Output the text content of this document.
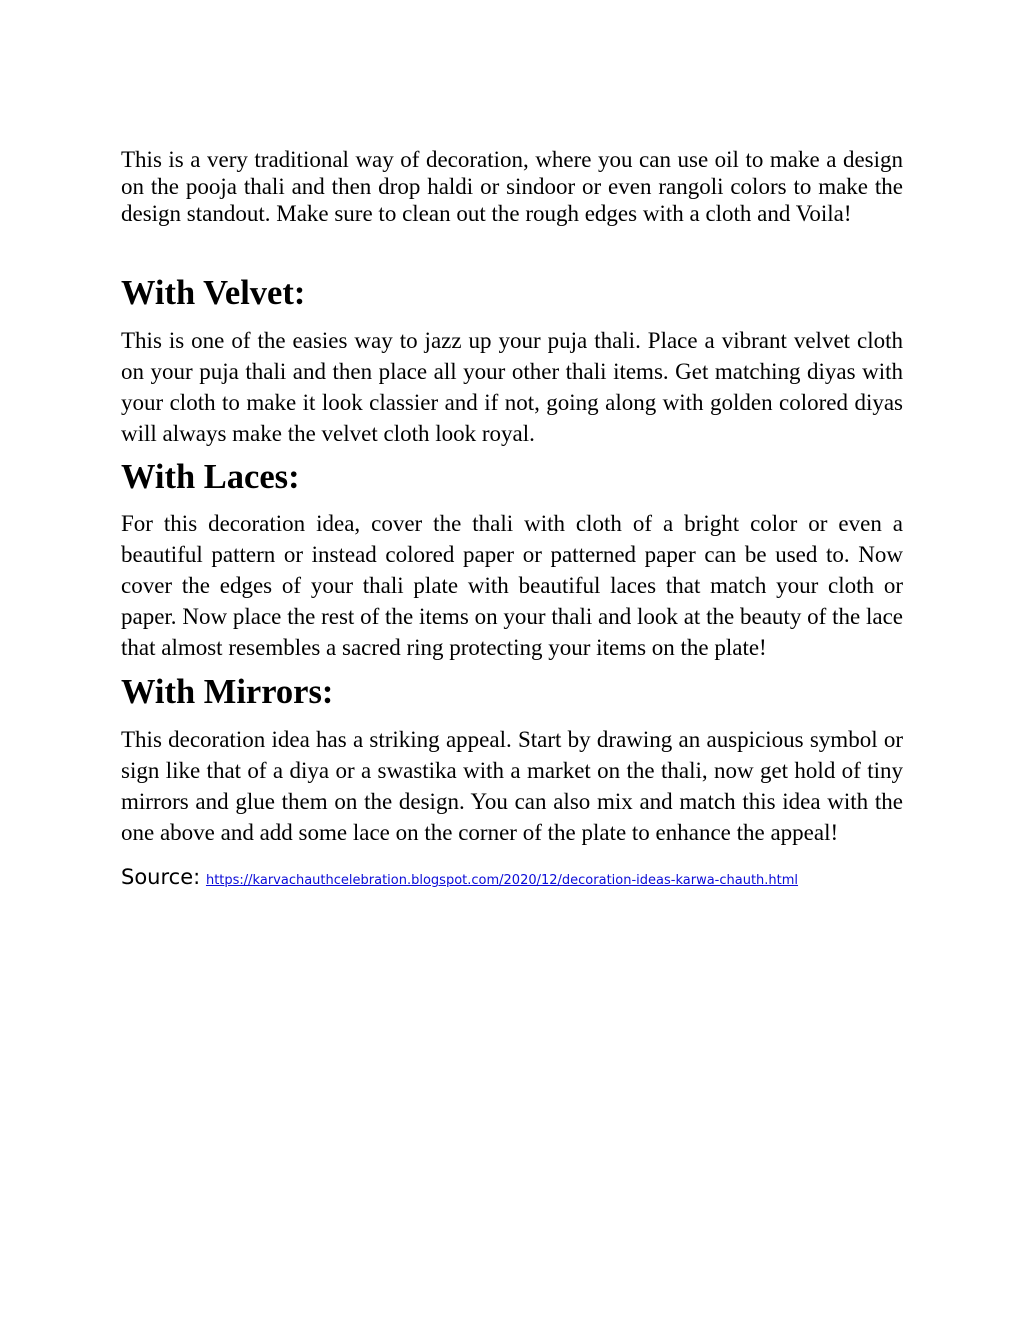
This is a very traditional way of decoration, where you can use oil to make a design on the pooja thali and then drop haldi or sindoor or even rangoli colors to make the design standout. Make sure to clean out the rough edges with a cloth and Voila!

With Velvet:

This is one of the easies way to jazz up your puja thali. Place a vibrant velvet cloth on your puja thali and then place all your other thali items. Get matching diyas with your cloth to make it look classier and if not, going along with golden colored diyas will always make the velvet cloth look royal.

With Laces:

For this decoration idea, cover the thali with cloth of a bright color or even a beautiful pattern or instead colored paper or patterned paper can be used to. Now cover the edges of your thali plate with beautiful laces that match your cloth or paper. Now place the rest of the items on your thali and look at the beauty of the lace that almost resembles a sacred ring protecting your items on the plate!

With Mirrors:

This decoration idea has a striking appeal. Start by drawing an auspicious symbol or sign like that of a diya or a swastika with a market on the thali, now get hold of tiny mirrors and glue them on the design. You can also mix and match this idea with the one above and add some lace on the corner of the plate to enhance the appeal!

Source: https://karvachauthcelebration.blogspot.com/2020/12/decoration-ideas-karwa-chauth.html
